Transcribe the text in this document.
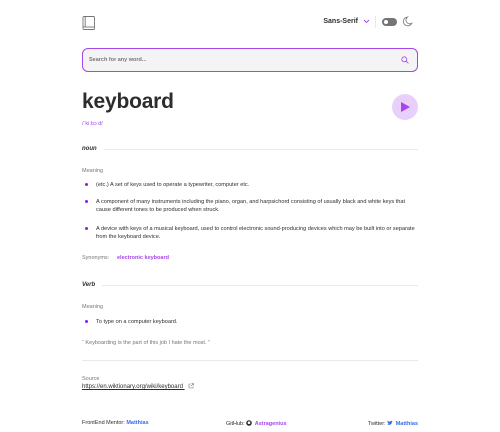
Sans-Serif
Search for any word...
keyboard
/ˈkiːbɔːd/
noun
Meaning
(etc.) A set of keys used to operate a typewriter, computer etc.
A component of many instruments including the piano, organ, and harpsichord consisting of usually black and white keys that cause different tones to be produced when struck.
A device with keys of a musical keyboard, used to control electronic sound-producing devices which may be built into or separate from the keyboard device.
Synonyms: electronic keyboard
Verb
Meaning
To type on a computer keyboard.
“ Keyboarding is the part of this job I hate the most. ”
Source
https://en.wiktionary.org/wiki/keyboard
FrontEnd Mentor: Matthias	GitHub: Astragenius	Twitter: Matthias
